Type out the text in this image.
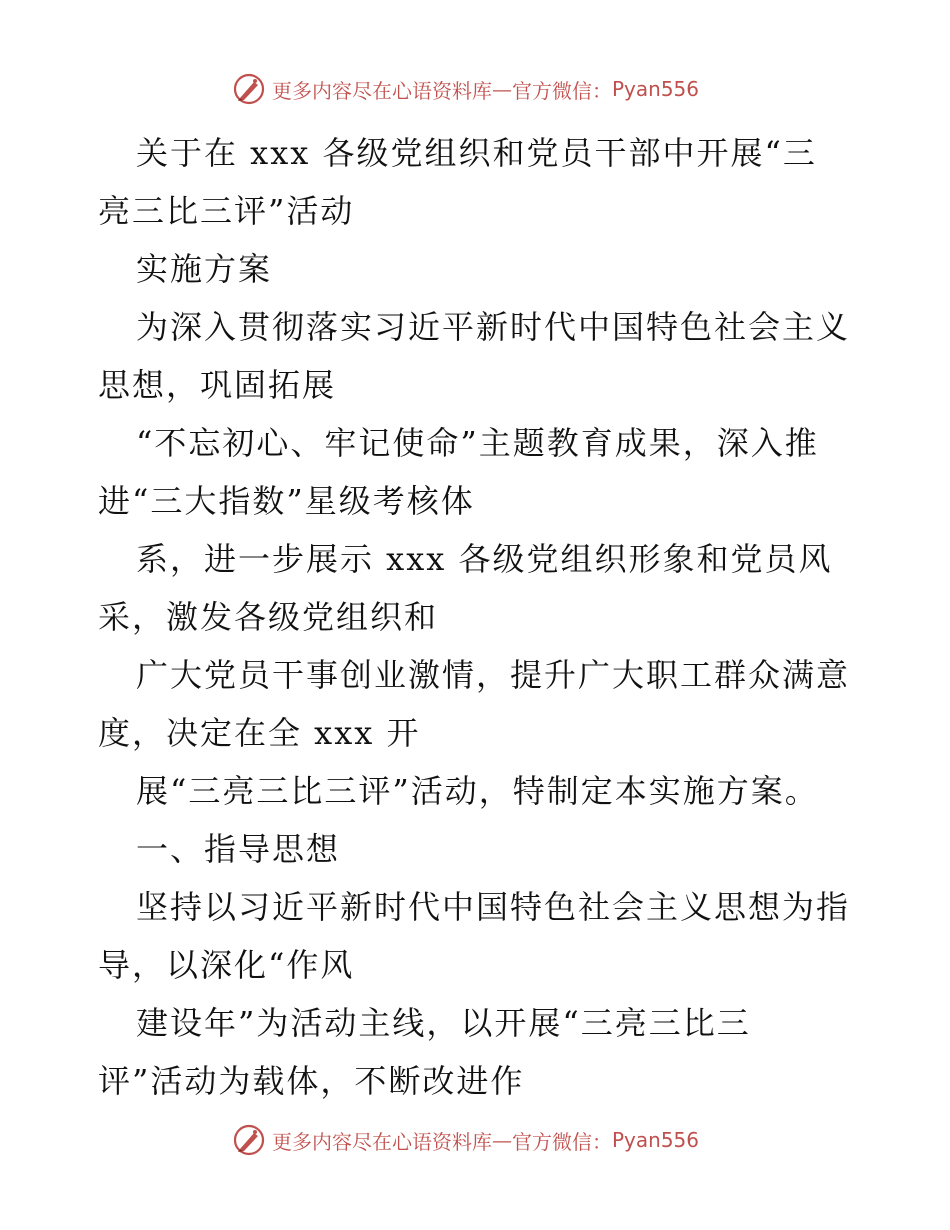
更多内容尽在心语资料库 — 官方微信： Pyan556
关于在 xxx 各级党组织和党员干部中开展“三
亮三比三评”活动
实施方案
为深入贯彻落实习近平新时代中国特色社会主义
思想，巩固拓展
“不忘初心、牢记使命”主题教育成果，深入推
进“三大指数”星级考核体
系，进一步展示 xxx 各级党组织形象和党员风
采，激发各级党组织和
广大党员干事创业激情，提升广大职工群众满意
度，决定在全 xxx 开
展“三亮三比三评”活动，特制定本实施方案。
一、指导思想
坚持以习近平新时代中国特色社会主义思想为指
导，以深化“作风
建设年”为活动主线，以开展“三亮三比三
评”活动为载体，不断改进作
更多内容尽在心语资料库 — 官方微信： Pyan556
